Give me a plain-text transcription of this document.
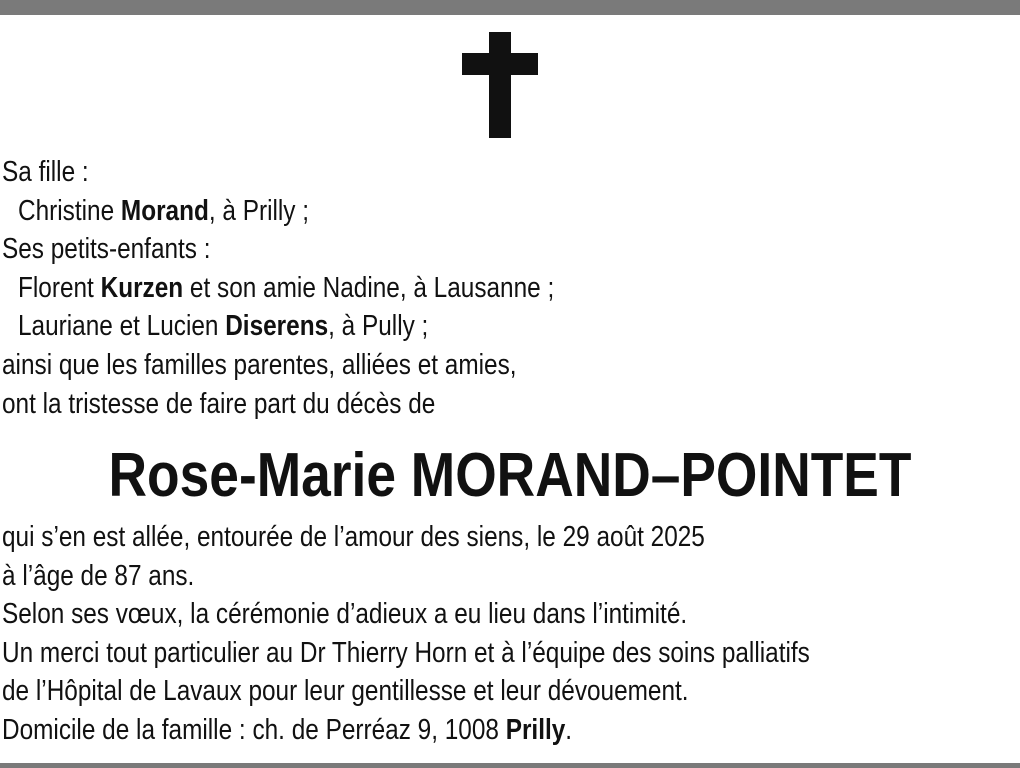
Sa fille :
Christine Morand, à Prilly ;
Ses petits-enfants :
Florent Kurzen et son amie Nadine, à Lausanne ;
Lauriane et Lucien Diserens, à Pully ;
ainsi que les familles parentes, alliées et amies,
ont la tristesse de faire part du décès de
Rose-Marie MORAND–POINTET
qui s’en est allée, entourée de l’amour des siens, le 29 août 2025
à l’âge de 87 ans.
Selon ses vœux, la cérémonie d’adieux a eu lieu dans l’intimité.
Un merci tout particulier au Dr Thierry Horn et à l’équipe des soins palliatifs
de l’Hôpital de Lavaux pour leur gentillesse et leur dévouement.
Domicile de la famille : ch. de Perréaz 9, 1008 Prilly.
